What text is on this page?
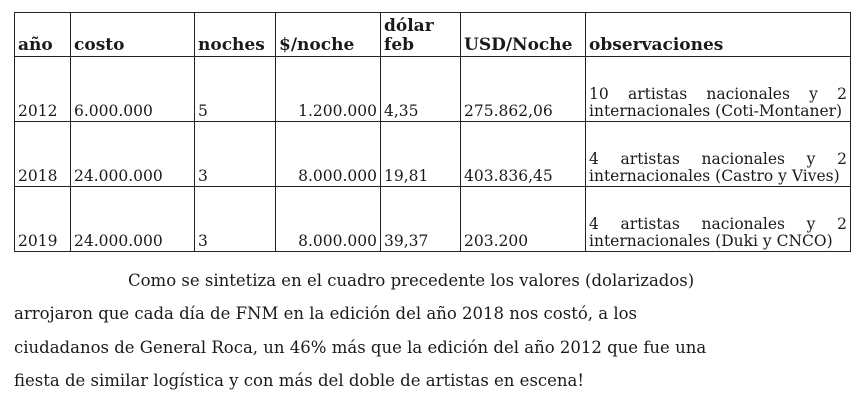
año	costo	noches	$/noche	dólar feb	USD/Noche	observaciones
2012	6.000.000	5	1.200.000	4,35	275.862,06	10 artistas nacionales y 2 internacionales (Coti-Montaner)
2018	24.000.000	3	8.000.000	19,81	403.836,45	4 artistas nacionales y 2 internacionales (Castro y Vives)
2019	24.000.000	3	8.000.000	39,37	203.200	4 artistas nacionales y 2 internacionales (Duki y CNCO)
Como se sintetiza en el cuadro precedente los valores (dolarizados)
arrojaron que cada día de FNM en la edición del año 2018 nos costó, a los
ciudadanos de General Roca, un 46% más que la edición del año 2012 que fue una
fiesta de similar logística y con más del doble de artistas en escena!
